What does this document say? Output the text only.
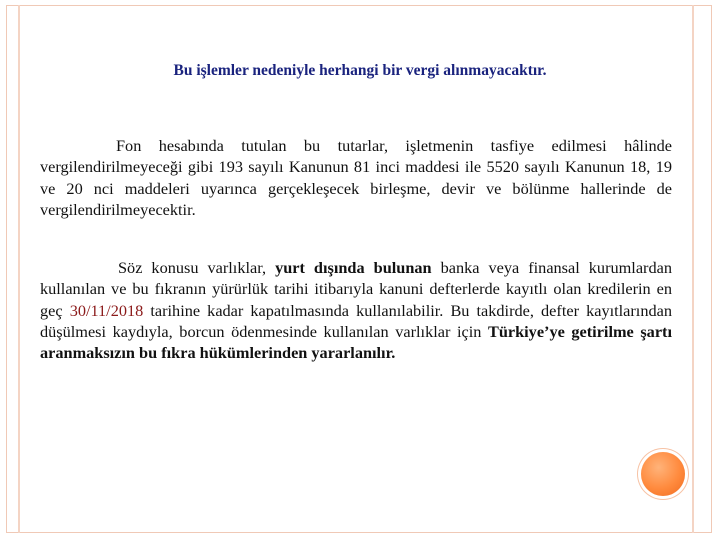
Bu işlemler nedeniyle herhangi bir vergi alınmayacaktır.

Fon hesabında tutulan bu tutarlar, işletmenin tasfiye edilmesi hâlinde vergilendirilmeyeceği gibi 193 sayılı Kanunun 81 inci maddesi ile 5520 sayılı Kanunun 18, 19 ve 20 nci maddeleri uyarınca gerçekleşecek birleşme, devir ve bölünme hallerinde de vergilendirilmeyecektir.

Söz konusu varlıklar, yurt dışında bulunan banka veya finansal kurumlardan kullanılan ve bu fıkranın yürürlük tarihi itibarıyla kanuni defterlerde kayıtlı olan kredilerin en geç 30/11/2018 tarihine kadar kapatılmasında kullanılabilir. Bu takdirde, defter kayıtlarından düşülmesi kaydıyla, borcun ödenmesinde kullanılan varlıklar için Türkiye’ye getirilme şartı aranmaksızın bu fıkra hükümlerinden yararlanılır.
